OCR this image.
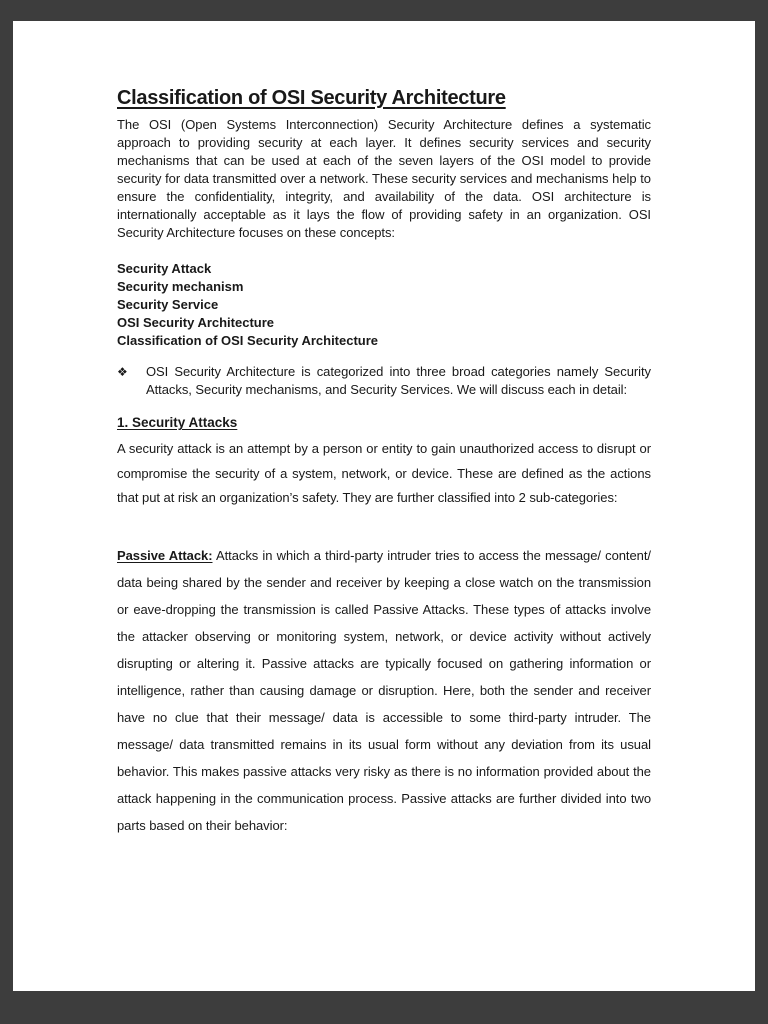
Classification of OSI Security Architecture

The OSI (Open Systems Interconnection) Security Architecture defines a systematic approach to providing security at each layer. It defines security services and security mechanisms that can be used at each of the seven layers of the OSI model to provide security for data transmitted over a network. These security services and mechanisms help to ensure the confidentiality, integrity, and availability of the data. OSI architecture is internationally acceptable as it lays the flow of providing safety in an organization. OSI Security Architecture focuses on these concepts:

Security Attack
Security mechanism
Security Service
OSI Security Architecture
Classification of OSI Security Architecture
❖	OSI Security Architecture is categorized into three broad categories namely Security Attacks, Security mechanisms, and Security Services. We will discuss each in detail:

1. Security Attacks

A security attack is an attempt by a person or entity to gain unauthorized access to disrupt or compromise the security of a system, network, or device. These are defined as the actions that put at risk an organization’s safety. They are further classified into 2 sub-categories:

Passive Attack: Attacks in which a third-party intruder tries to access the message/ content/ data being shared by the sender and receiver by keeping a close watch on the transmission or eave-dropping the transmission is called Passive Attacks. These types of attacks involve the attacker observing or monitoring system, network, or device activity without actively disrupting or altering it. Passive attacks are typically focused on gathering information or intelligence, rather than causing damage or disruption. Here, both the sender and receiver have no clue that their message/ data is accessible to some third-party intruder. The message/ data transmitted remains in its usual form without any deviation from its usual behavior. This makes passive attacks very risky as there is no information provided about the attack happening in the communication process. Passive attacks are further divided into two parts based on their behavior:
